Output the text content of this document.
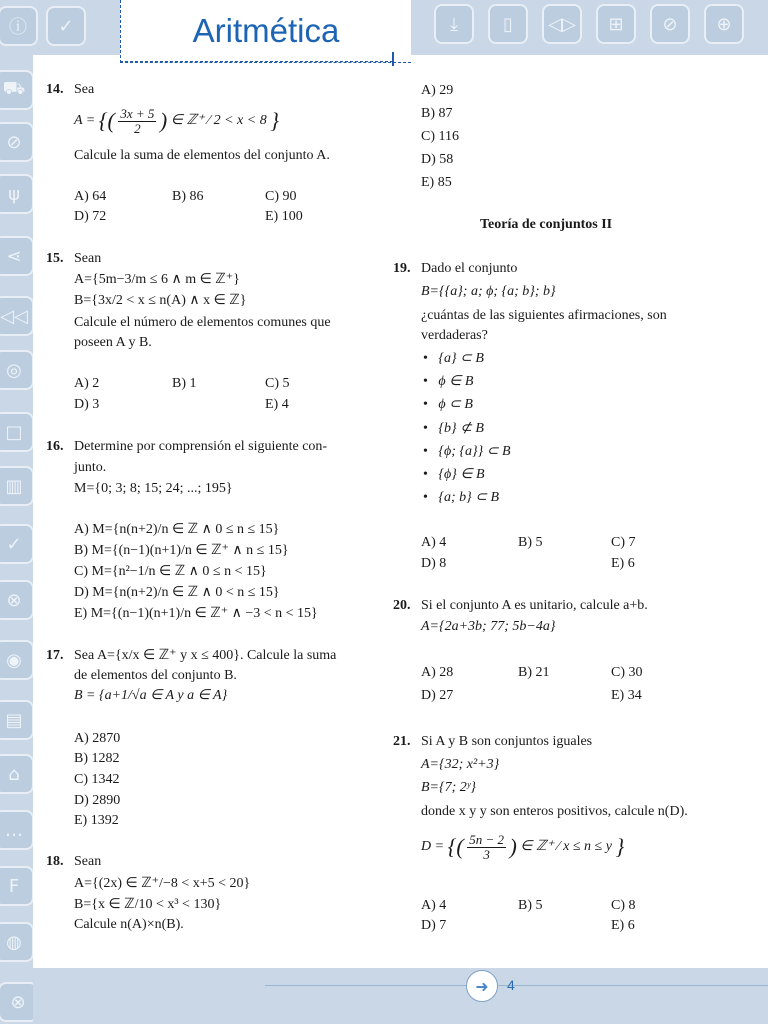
ⓘ	✓
⛟
⊘
ψ
⋖
◁◁
◎
□
▥
✓
⊗
◉
▤
⌂
…
F
◍
⊗
⤓	▯	◁▷	⊞	⊘	⊕
Aritmética
14. Sea
A = {( $\frac{3x + 5}{2}$ ) ∈ ℤ⁺ ⁄ 2 < x < 8 }
Calcule la suma de elementos del conjunto A.
A) 64	B) 86	C) 90
D) 72	E) 100
15. Sean
A={5m−3/m ≤ 6 ∧ m ∈ ℤ⁺}
B={3x/2 < x ≤ n(A) ∧ x ∈ ℤ}
Calcule el número de elementos comunes que
poseen A y B.
A) 2	B) 1	C) 5
D) 3	E) 4
16. Determine por comprensión el siguiente con-
junto.
M={0; 3; 8; 15; 24; ...; 195}
A) M={n(n+2)/n ∈ ℤ ∧ 0 ≤ n ≤ 15}
B) M={(n−1)(n+1)/n ∈ ℤ⁺ ∧ n ≤ 15}
C) M={n²−1/n ∈ ℤ ∧ 0 ≤ n < 15}
D) M={n(n+2)/n ∈ ℤ ∧ 0 < n ≤ 15}
E) M={(n−1)(n+1)/n ∈ ℤ⁺ ∧ −3 < n < 15}
17. Sea A={x/x ∈ ℤ⁺ y x ≤ 400}. Calcule la suma
de elementos del conjunto B.
B = {a+1/√a ∈ A y a ∈ A}
A) 2870
B) 1282
C) 1342
D) 2890
E) 1392
18. Sean
A={(2x) ∈ ℤ⁺/−8 < x+5 < 20}
B={x ∈ ℤ/10 < x³ < 130}
Calcule n(A)×n(B).
A) 29
B) 87
C) 116
D) 58
E) 85
Teoría de conjuntos II
19. Dado el conjunto
B={{a}; a; ϕ; {a; b}; b}
¿cuántas de las siguientes afirmaciones, son
verdaderas?
•   {a} ⊂ B
•   ϕ ∈ B
•   ϕ ⊂ B
•   {b} ⊄ B
•   {ϕ; {a}} ⊂ B
•   {ϕ} ∈ B
•   {a; b} ⊂ B
A) 4	B) 5	C) 7
D) 8	E) 6
20. Si el conjunto A es unitario, calcule a+b.
A={2a+3b; 77; 5b−4a}
A) 28	B) 21	C) 30
D) 27	E) 34
21. Si A y B son conjuntos iguales
A={32; x²+3}
B={7; 2ʸ}
donde x y y son enteros positivos, calcule n(D).
D = {( $\frac{5n - 2}{3}$ ) ∈ ℤ⁺ ⁄ x ≤ n ≤ y }
A) 4	B) 5	C) 8
D) 7	E) 6
➜	4
